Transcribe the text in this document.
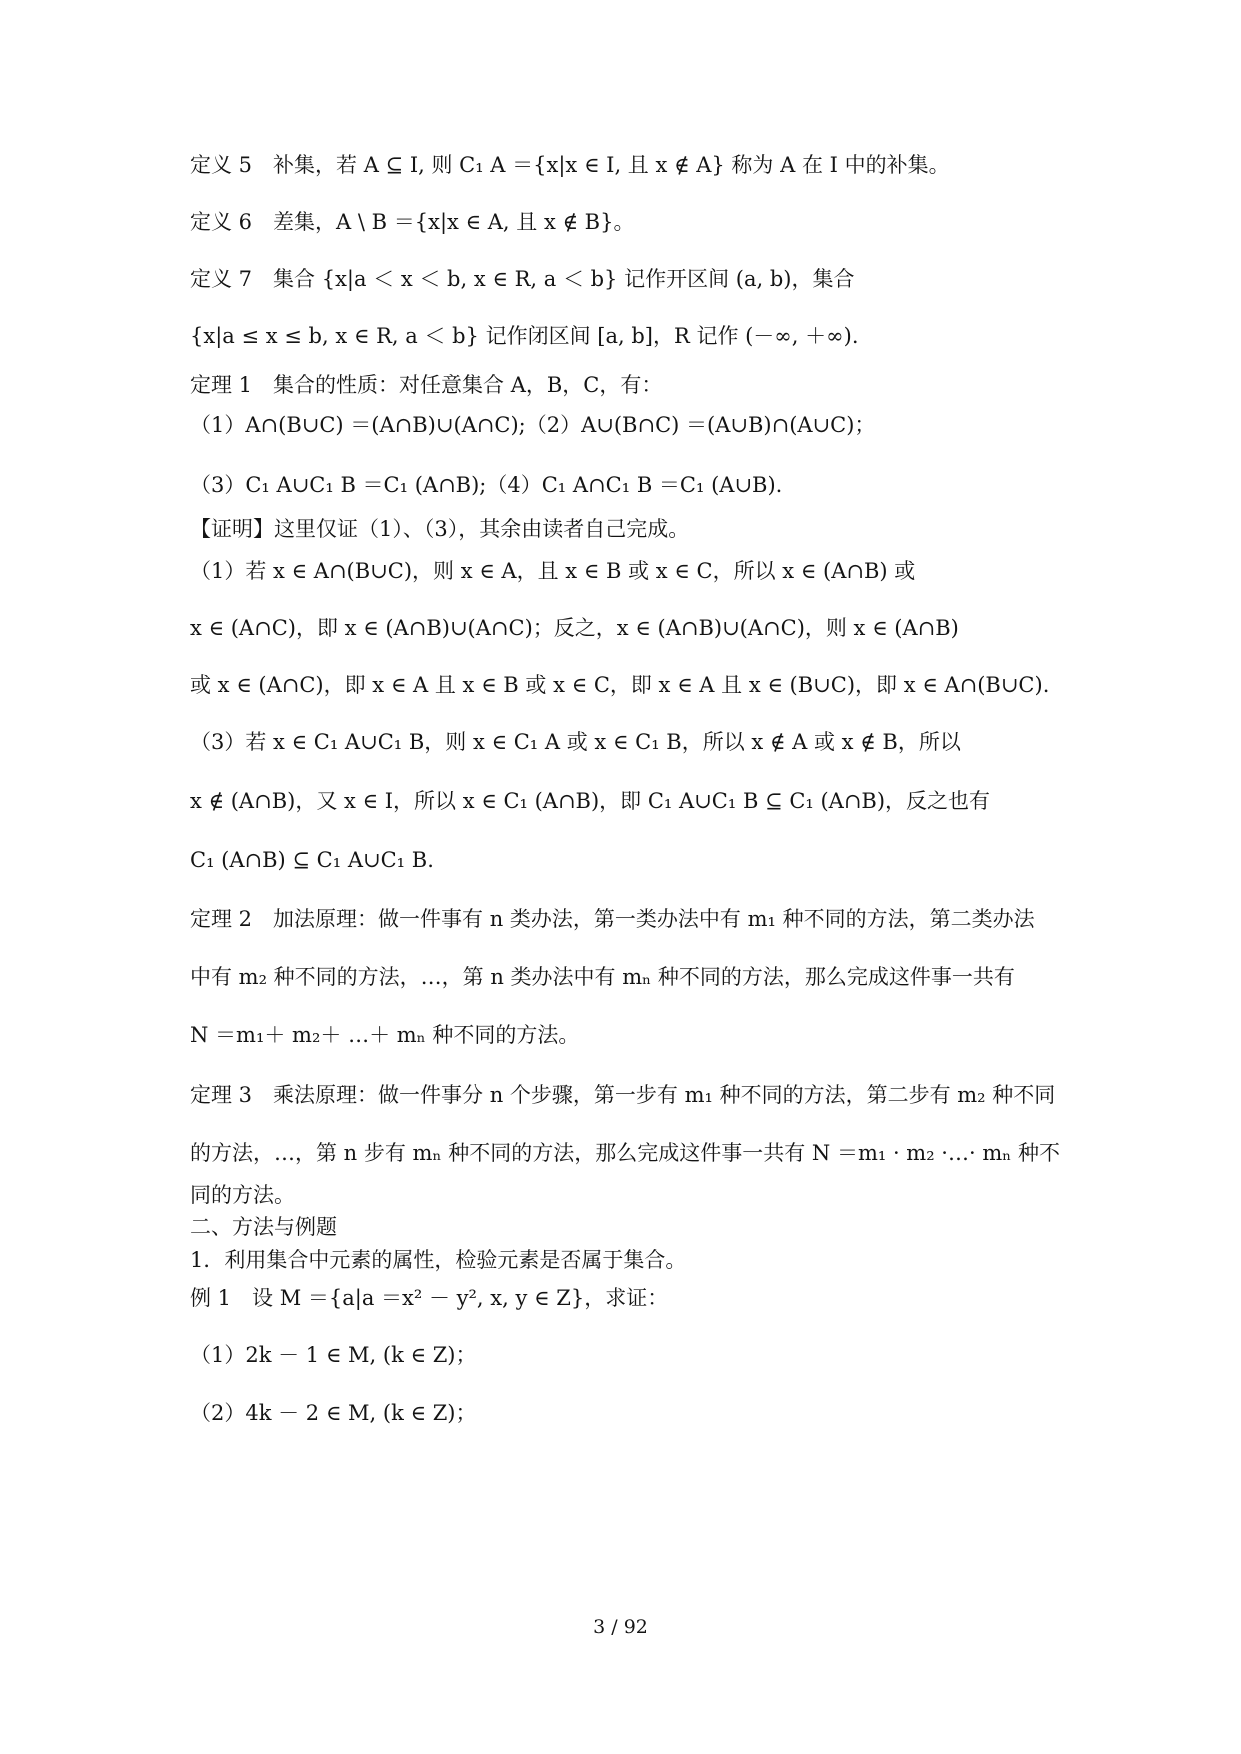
定义 5　补集，若 A ⊆ I, 则 C₁ A ＝{x|x ∈ I, 且 x ∉ A} 称为 A 在 I 中的补集。
定义 6　差集，A \ B ＝{x|x ∈ A, 且 x ∉ B}。
定义 7　集合 {x|a ＜ x ＜ b, x ∈ R, a ＜ b} 记作开区间 (a, b)，集合
{x|a ≤ x ≤ b, x ∈ R, a ＜ b} 记作闭区间 [a, b]，R 记作 (－∞, ＋∞).
定理 1　集合的性质：对任意集合 A，B，C，有：
（1）A∩(B∪C) ＝(A∩B)∪(A∩C);（2）A∪(B∩C) ＝(A∪B)∩(A∪C)；
（3）C₁ A∪C₁ B ＝C₁ (A∩B);（4）C₁ A∩C₁ B ＝C₁ (A∪B).
【证明】这里仅证（1）、（3），其余由读者自己完成。
（1）若 x ∈ A∩(B∪C)，则 x ∈ A，且 x ∈ B 或 x ∈ C，所以 x ∈ (A∩B) 或
x ∈ (A∩C)，即 x ∈ (A∩B)∪(A∩C)；反之，x ∈ (A∩B)∪(A∩C)，则 x ∈ (A∩B)
或 x ∈ (A∩C)，即 x ∈ A 且 x ∈ B 或 x ∈ C，即 x ∈ A 且 x ∈ (B∪C)，即 x ∈ A∩(B∪C).
（3）若 x ∈ C₁ A∪C₁ B，则 x ∈ C₁ A 或 x ∈ C₁ B，所以 x ∉ A 或 x ∉ B，所以
x ∉ (A∩B)，又 x ∈ I，所以 x ∈ C₁ (A∩B)，即 C₁ A∪C₁ B ⊆ C₁ (A∩B)，反之也有
C₁ (A∩B) ⊆ C₁ A∪C₁ B.
定理 2　加法原理：做一件事有 n 类办法，第一类办法中有 m₁ 种不同的方法，第二类办法
中有 m₂ 种不同的方法，…，第 n 类办法中有 mₙ 种不同的方法，那么完成这件事一共有
N ＝m₁＋ m₂＋ …＋ mₙ 种不同的方法。
定理 3　乘法原理：做一件事分 n 个步骤，第一步有 m₁ 种不同的方法，第二步有 m₂ 种不同
的方法，…，第 n 步有 mₙ 种不同的方法，那么完成这件事一共有 N ＝m₁ · m₂ ·…· mₙ 种不
同的方法。
二、方法与例题
1．利用集合中元素的属性，检验元素是否属于集合。
例 1　设 M ＝{a|a ＝x² － y², x, y ∈ Z}，求证：
（1）2k － 1 ∈ M, (k ∈ Z)；
（2）4k － 2 ∈ M, (k ∈ Z)；
3 / 92
